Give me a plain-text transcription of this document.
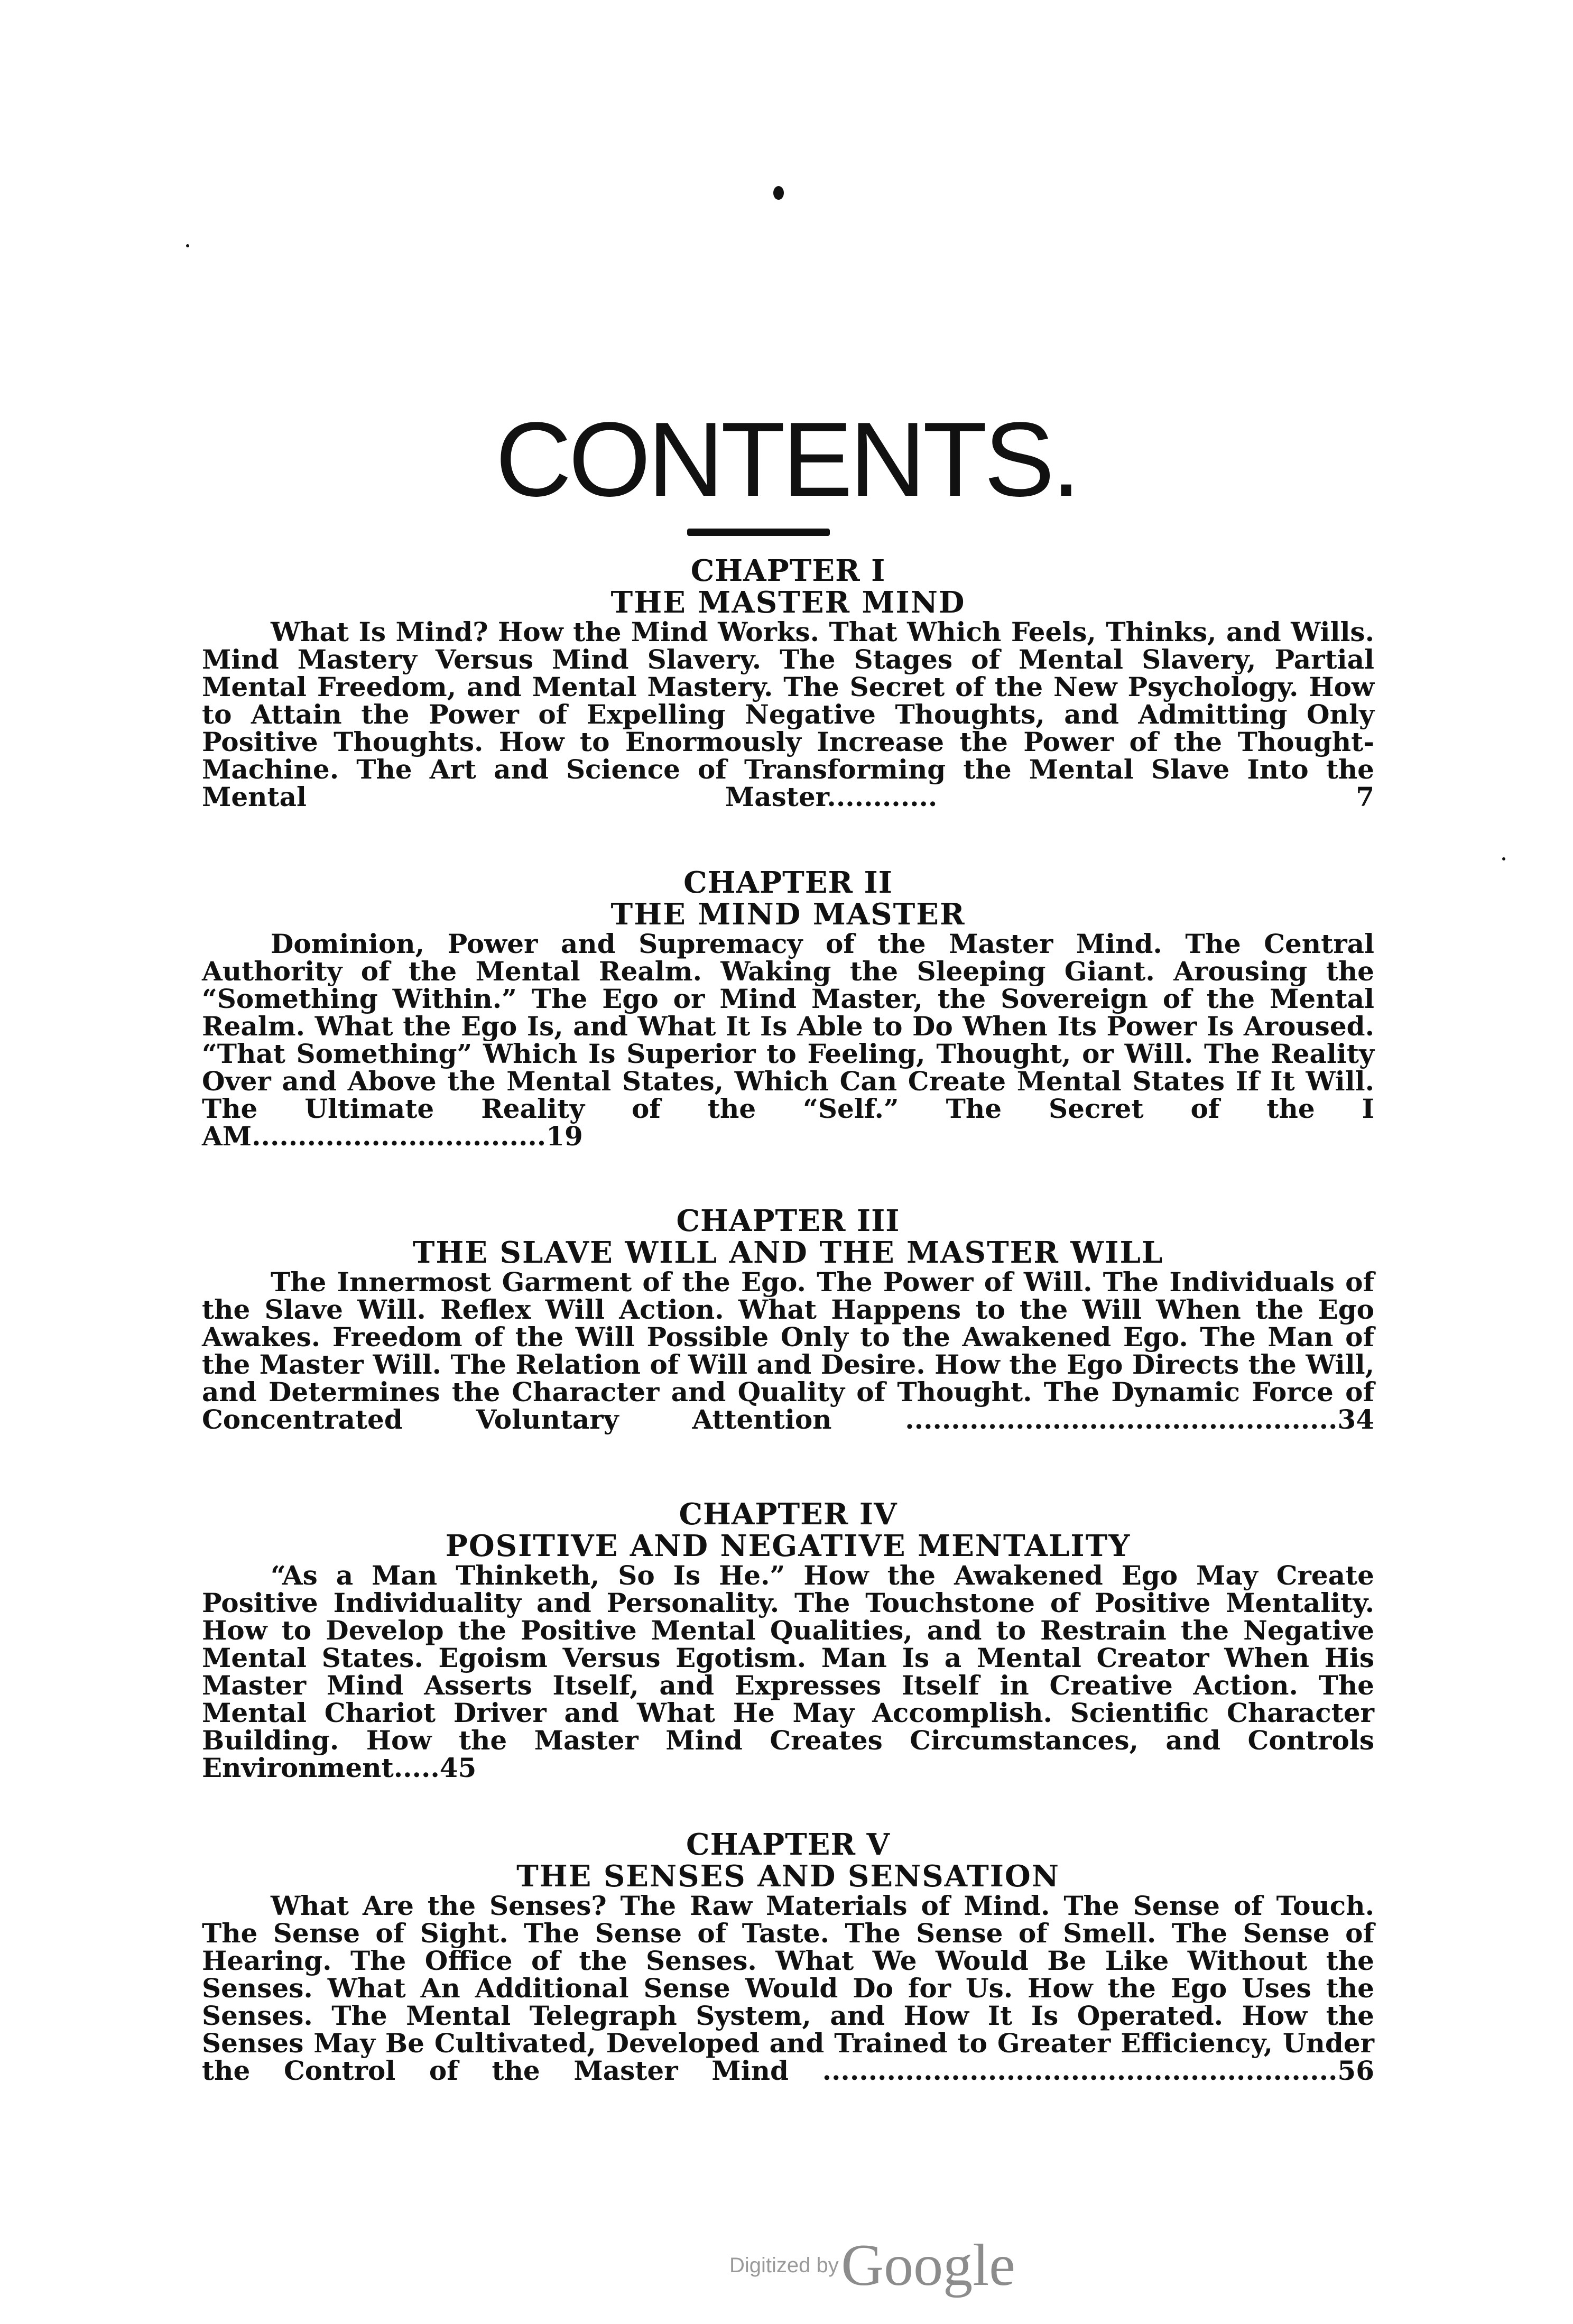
CONTENTS.
CHAPTER I
THE MASTER MIND
What Is Mind? How the Mind Works. That Which Feels, Thinks, and Wills. Mind Mastery Versus Mind Slavery. The Stages of Mental Slavery, Partial Mental Freedom, and Mental Mastery. The Secret of the New Psychology. How to Attain the Power of Expelling Negative Thoughts, and Admitting Only Positive Thoughts. How to Enormously Increase the Power of the Thought-Machine. The Art and Science of Transforming the Mental Slave Into the Mental Master............ 7
CHAPTER II
THE MIND MASTER
Dominion, Power and Supremacy of the Master Mind. The Central Authority of the Mental Realm. Waking the Sleeping Giant. Arousing the “Something Within.” The Ego or Mind Master, the Sovereign of the Mental Realm. What the Ego Is, and What It Is Able to Do When Its Power Is Aroused. “That Something” Which Is Superior to Feeling, Thought, or Will. The Reality Over and Above the Mental States, Which Can Create Mental States If It Will. The Ultimate Reality of the “Self.” The Secret of the I AM................................19
CHAPTER III
THE SLAVE WILL AND THE MASTER WILL
The Innermost Garment of the Ego. The Power of Will. The Individuals of the Slave Will. Reflex Will Action. What Happens to the Will When the Ego Awakes. Freedom of the Will Possible Only to the Awakened Ego. The Man of the Master Will. The Relation of Will and Desire. How the Ego Directs the Will, and Determines the Character and Quality of Thought. The Dynamic Force of Concentrated Voluntary Attention ...............................................34
CHAPTER IV
POSITIVE AND NEGATIVE MENTALITY
“As a Man Thinketh, So Is He.” How the Awakened Ego May Create Positive Individuality and Personality. The Touchstone of Positive Mentality. How to Develop the Positive Mental Qualities, and to Restrain the Negative Mental States. Egoism Versus Egotism. Man Is a Mental Creator When His Master Mind Asserts Itself, and Expresses Itself in Creative Action. The Mental Chariot Driver and What He May Accomplish. Scientific Character Building. How the Master Mind Creates Circumstances, and Controls Environment.....45
CHAPTER V
THE SENSES AND SENSATION
What Are the Senses? The Raw Materials of Mind. The Sense of Touch. The Sense of Sight. The Sense of Taste. The Sense of Smell. The Sense of Hearing. The Office of the Senses. What We Would Be Like Without the Senses. What An Additional Sense Would Do for Us. How the Ego Uses the Senses. The Mental Telegraph System, and How It Is Operated. How the Senses May Be Cultivated, Developed and Trained to Greater Efficiency, Under the Control of the Master Mind ........................................................56
Digitized by Google
